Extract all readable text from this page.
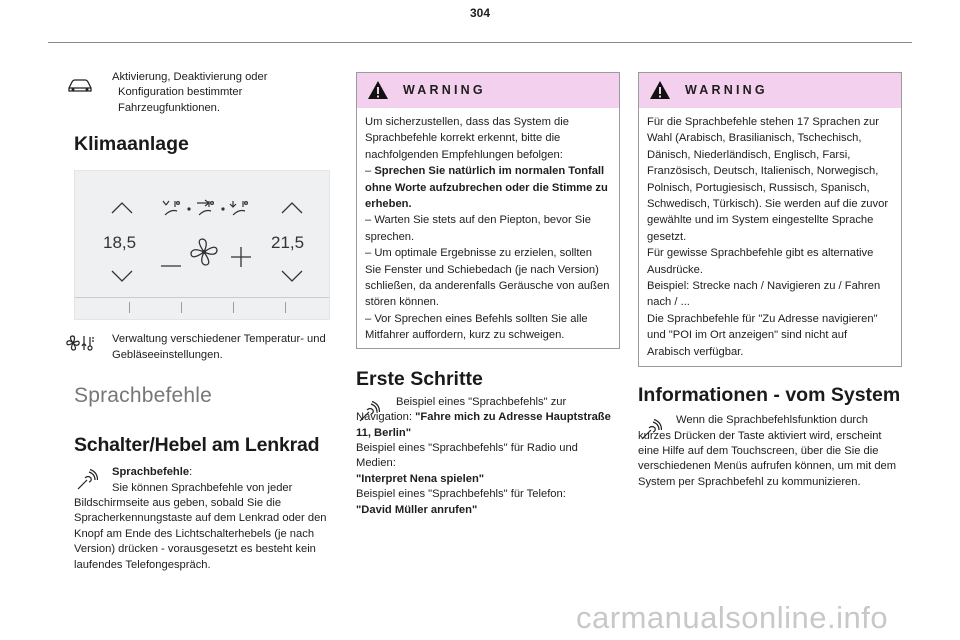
304
Aktivierung, Deaktivierung oder Konfiguration bestimmter Fahrzeugfunktionen.
Klimaanlage
18,5	21,5
Verwaltung verschiedener Temperatur- und Gebläseeinstellungen.
Sprachbefehle
Schalter/Hebel am Lenkrad
Sprachbefehle:
Sie können Sprachbefehle von jeder Bildschirmseite aus geben, sobald Sie die Spracherkennungstaste auf dem Lenkrad oder den Knopf am Ende des Lichtschalterhebels (je nach Version) drücken - vorausgesetzt es besteht kein laufendes Telefongespräch.
WARNING
Um sicherzustellen, dass das System die Sprachbefehle korrekt erkennt, bitte die nachfolgenden Empfehlungen befolgen:
– Sprechen Sie natürlich im normalen Tonfall ohne Worte aufzubrechen oder die Stimme zu erheben.
– Warten Sie stets auf den Piepton, bevor Sie sprechen.
– Um optimale Ergebnisse zu erzielen, sollten Sie Fenster und Schiebedach (je nach Version) schließen, da anderenfalls Geräusche von außen stören können.
– Vor Sprechen eines Befehls sollten Sie alle Mitfahrer auffordern, kurz zu schweigen.
Erste Schritte
Beispiel eines "Sprachbefehls" zur Navigation: "Fahre mich zu Adresse Hauptstraße 11, Berlin"
Beispiel eines "Sprachbefehls" für Radio und Medien:
"Interpret Nena spielen"
Beispiel eines "Sprachbefehls" für Telefon:
"David Müller anrufen"
WARNING
Für die Sprachbefehle stehen 17 Sprachen zur Wahl (Arabisch, Brasilianisch, Tschechisch, Dänisch, Niederländisch, Englisch, Farsi, Französisch, Deutsch, Italienisch, Norwegisch, Polnisch, Portugiesisch, Russisch, Spanisch, Schwedisch, Türkisch). Sie werden auf die zuvor gewählte und im System eingestellte Sprache gesetzt.
Für gewisse Sprachbefehle gibt es alternative Ausdrücke.
Beispiel: Strecke nach / Navigieren zu / Fahren nach / ...
Die Sprachbefehle für "Zu Adresse navigieren" und "POI im Ort anzeigen" sind nicht auf Arabisch verfügbar.
Informationen - vom System
Wenn die Sprachbefehlsfunktion durch kurzes Drücken der Taste aktiviert wird, erscheint eine Hilfe auf dem Touchscreen, über die Sie die verschiedenen Menüs aufrufen können, um mit dem System per Sprachbefehl zu kommunizieren.
carmanualsonline.info
